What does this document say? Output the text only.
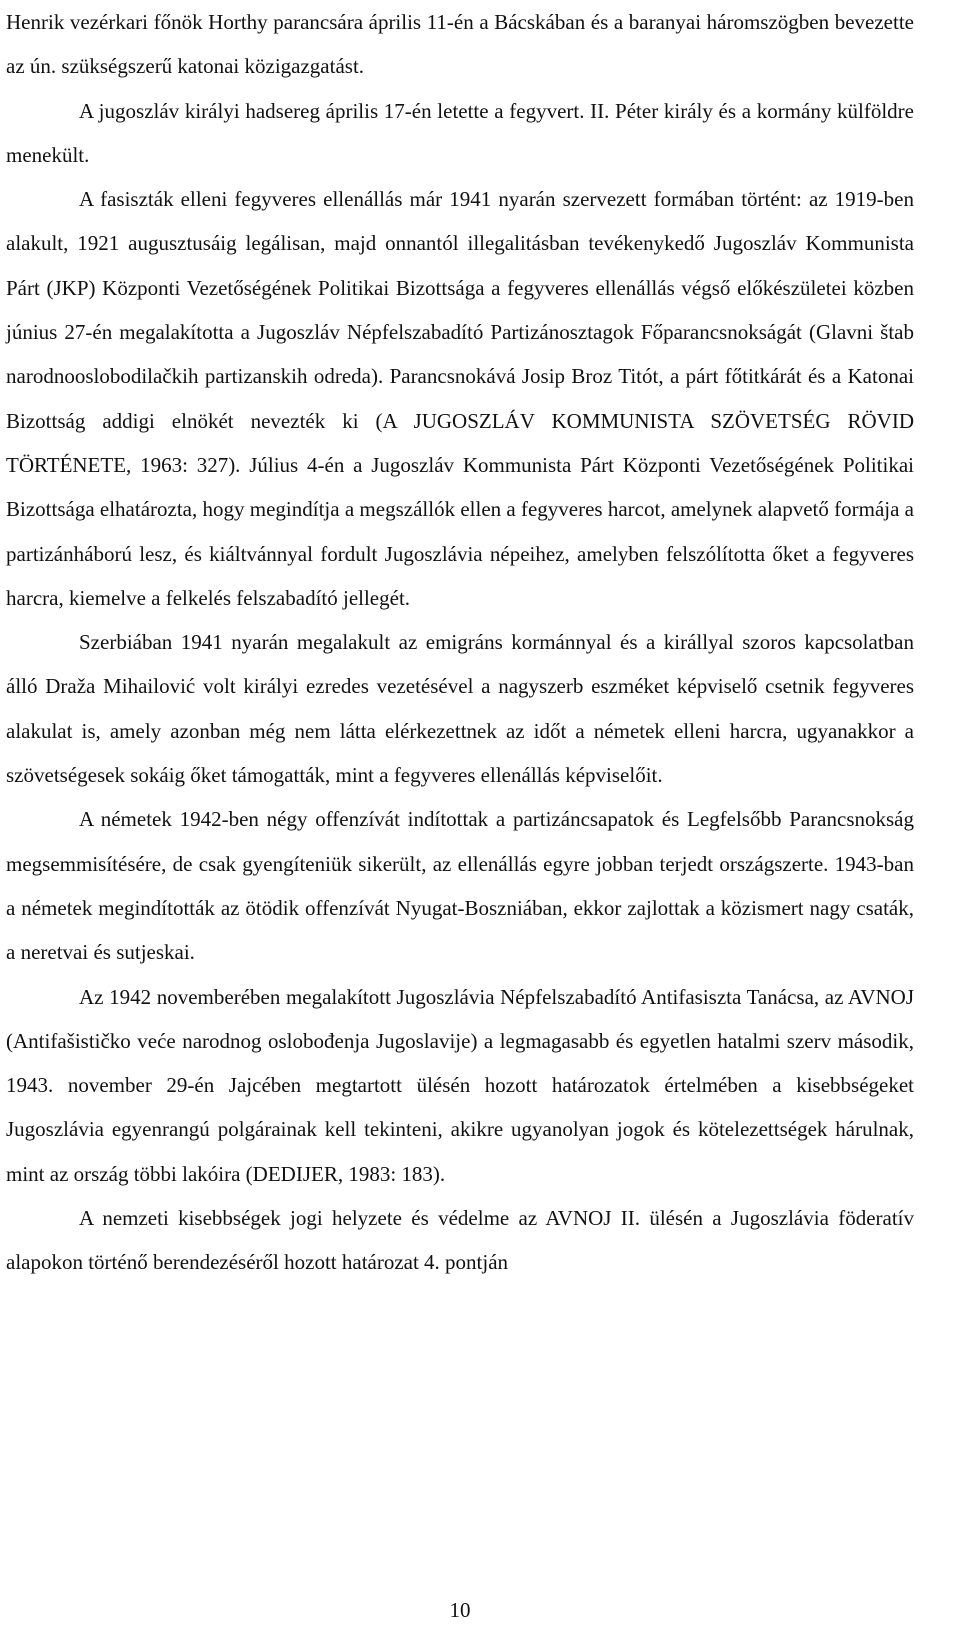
Henrik vezérkari főnök Horthy parancsára április 11-én a Bácskában és a baranyai háromszögben bevezette az ún. szükségszerű katonai közigazgatást.

A jugoszláv királyi hadsereg április 17-én letette a fegyvert. II. Péter király és a kormány külföldre menekült.

A fasiszták elleni fegyveres ellenállás már 1941 nyarán szervezett formában történt: az 1919-ben alakult, 1921 augusztusáig legálisan, majd onnantól illegalitásban tevékenykedő Jugoszláv Kommunista Párt (JKP) Központi Vezetőségének Politikai Bizottsága a fegyveres ellenállás végső előkészületei közben június 27-én megalakította a Jugoszláv Népfelszabadító Partizánosztagok Főparancsnokságát (Glavni štab narodnooslobodilačkih partizanskih odreda). Parancsnokává Josip Broz Titót, a párt főtitkárát és a Katonai Bizottság addigi elnökét nevezték ki (A JUGOSZLÁV KOMMUNISTA SZÖVETSÉG RÖVID TÖRTÉNETE, 1963: 327). Július 4-én a Jugoszláv Kommunista Párt Központi Vezetőségének Politikai Bizottsága elhatározta, hogy megindítja a megszállók ellen a fegyveres harcot, amelynek alapvető formája a partizánháború lesz, és kiáltvánnyal fordult Jugoszlávia népeihez, amelyben felszólította őket a fegyveres harcra, kiemelve a felkelés felszabadító jellegét.

Szerbiában 1941 nyarán megalakult az emigráns kormánnyal és a királlyal szoros kapcsolatban álló Draža Mihailović volt királyi ezredes vezetésével a nagyszerb eszméket képviselő csetnik fegyveres alakulat is, amely azonban még nem látta elérkezettnek az időt a németek elleni harcra, ugyanakkor a szövetségesek sokáig őket támogatták, mint a fegyveres ellenállás képviselőit.

A németek 1942-ben négy offenzívát indítottak a partizáncsapatok és Legfelsőbb Parancsnokság megsemmisítésére, de csak gyengíteniük sikerült, az ellenállás egyre jobban terjedt országszerte. 1943-ban a németek megindították az ötödik offenzívát Nyugat-Boszniában, ekkor zajlottak a közismert nagy csaták, a neretvai és sutjeskai.

Az 1942 novemberében megalakított Jugoszlávia Népfelszabadító Antifasiszta Tanácsa, az AVNOJ (Antifašističko veće narodnog oslobođenja Jugoslavije) a legmagasabb és egyetlen hatalmi szerv második, 1943. november 29-én Jajcében megtartott ülésén hozott határozatok értelmében a kisebbségeket Jugoszlávia egyenrangú polgárainak kell tekinteni, akikre ugyanolyan jogok és kötelezettségek hárulnak, mint az ország többi lakóira (DEDIJER, 1983: 183).

A nemzeti kisebbségek jogi helyzete és védelme az AVNOJ II. ülésén a Jugoszlávia föderatív alapokon történő berendezéséről hozott határozat 4. pontján

10
